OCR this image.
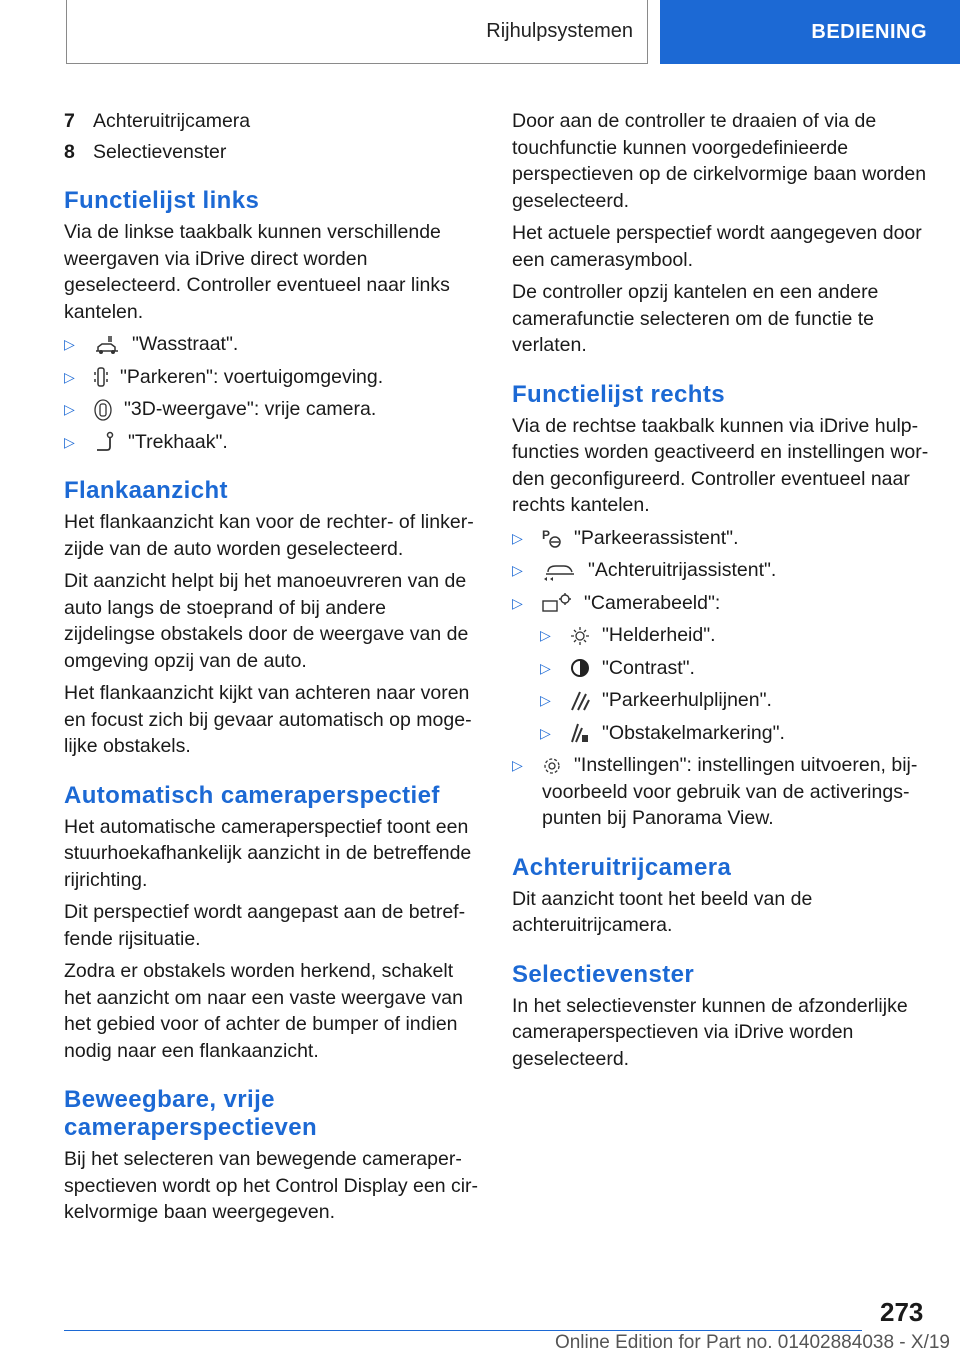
Rijhulpsystemen	BEDIENING
7 Achteruitrijcamera
8 Selectievenster
Functielijst links

Via de linkse taakbalk kunnen verschillende weergaven via iDrive direct worden geselecteerd. Controller eventueel naar links kantelen.

▷	"Wasstraat".
▷	"Parkeren": voertuigomgeving.
▷	"3D-weergave": vrije camera.
▷	"Trekhaak".
Flankaanzicht

Het flankaanzicht kan voor de rechter- of linkerzijde van de auto worden geselecteerd.

Dit aanzicht helpt bij het manoeuvreren van de auto langs de stoeprand of bij andere zijdelingse obstakels door de weergave van de omgeving opzij van de auto.

Het flankaanzicht kijkt van achteren naar voren en focust zich bij gevaar automatisch op mogelijke obstakels.

Automatisch cameraperspectief

Het automatische cameraperspectief toont een stuurhoekafhankelijk aanzicht in de betreffende rijrichting.

Dit perspectief wordt aangepast aan de betreffende rijsituatie.

Zodra er obstakels worden herkend, schakelt het aanzicht om naar een vaste weergave van het gebied voor of achter de bumper of indien nodig naar een flankaanzicht.

Beweegbare, vrije cameraperspectieven

Bij het selecteren van bewegende cameraperspectieven wordt op het Control Display een cirkelvormige baan weergegeven.

Door aan de controller te draaien of via de touchfunctie kunnen voorgedefinieerde perspectieven op de cirkelvormige baan worden geselecteerd.

Het actuele perspectief wordt aangegeven door een camerasymbool.

De controller opzij kantelen en een andere camerafunctie selecteren om de functie te verlaten.

Functielijst rechts

Via de rechtse taakbalk kunnen via iDrive hulpfuncties worden geactiveerd en instellingen worden geconfigureerd. Controller eventueel naar rechts kantelen.

▷	P "Parkeerassistent".
▷	"Achteruitrijassistent".
▷	"Camerabeeld":
▷	"Helderheid".
▷	"Contrast".
▷	"Parkeerhulplijnen".
▷	"Obstakelmarkering".
▷	"Instellingen": instellingen uitvoeren, bijvoorbeeld voor gebruik van de activeringspunten bij Panorama View.
Achteruitrijcamera

Dit aanzicht toont het beeld van de achteruitrijcamera.

Selectievenster

In het selectievenster kunnen de afzonderlijke cameraperspectieven via iDrive worden geselecteerd.

273
Online Edition for Part no. 01402884038 - X/19
